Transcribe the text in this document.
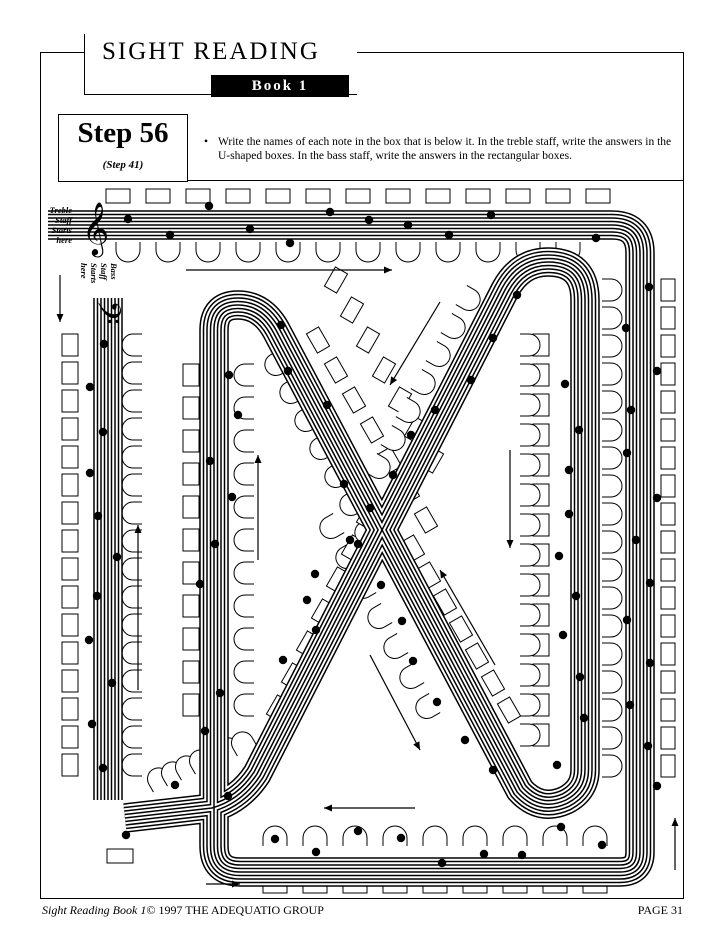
𝄞
𝄢
SIGHT READING
Book 1
Step 56
(Step 41)
• Write the names of each note in the box that is below it. In the treble staff, write the answers in the U-shaped boxes. In the bass staff, write the answers in the rectangular boxes.
Treble
Staff
Starts
here
Bass
Staff
Starts
here
Sight Reading Book 1© 1997 THE ADEQUATIO GROUP	PAGE 31
